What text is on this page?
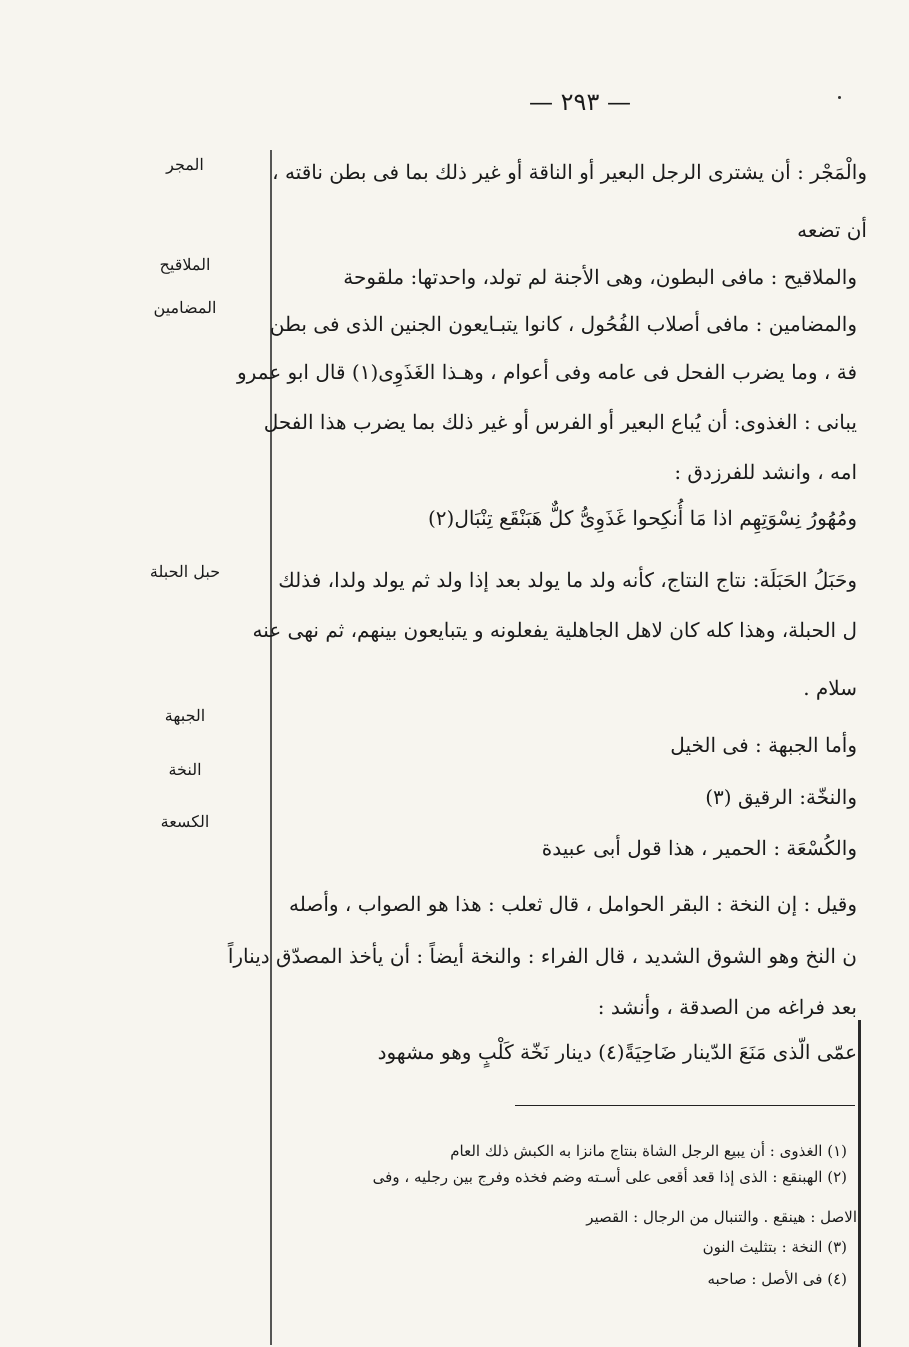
— ٢٩٣ —
المجر
الملاقيح
المضامين
حبل الحبلة
الجبهة
النخة
الكسعة
والْمَجْر : أن يشترى الرجل البعير أو الناقة أو غير ذلك بما فى بطن ناقته ،
أن تضعه
والملاقيح : مافى البطون، وهى الأجنة لم تولد، واحدتها: ملقوحة
والمضامين : مافى أصلاب الفُحُول ، كانوا يتبـايعون الجنين الذى فى بطن
فة ، وما يضرب الفحل فى عامه وفى أعوام ، وهـذا الغَذَوِى(١) قال ابو عمرو
يبانى : الغذوى: أن يُباع البعير أو الفرس أو غير ذلك بما يضرب هذا الفحل
امه ، وانشد للفرزدق :
ومُهُورُ نِسْوَتِهِم اذا مَا أُنكِحوا غَذَوِىُّ كلٌّ هَبَنْقَع تِنْبَال(٢)
وحَبَلُ الحَبَلَة: نتاج النتاج، كأنه ولد ما يولد بعد إذا ولد ثم يولد ولدا، فذلك
ل الحبلة، وهذا كله كان لاهل الجاهلية يفعلونه و يتبايعون بينهم، ثم نهى عنه
سلام .
وأما الجبهة : فى الخيل
والنخّة: الرقيق (٣)
والكُسْعَة : الحمير ، هذا قول أبى عبيدة
وقيل : إن النخة : البقر الحوامل ، قال ثعلب : هذا هو الصواب ، وأصله
ن النخ وهو الشوق الشديد ، قال الفراء : والنخة أيضاً : أن يأخذ المصدّق ديناراً
بعد فراغه من الصدقة ، وأنشد :
عمّى الّذى مَنَعَ الدّينار ضَاحِيَةً(٤) دينار نَخّة كَلْبٍ وهو مشهود
(١) الغذوى : أن يبيع الرجل الشاة بنتاج مانزا به الكبش ذلك العام
(٢) الهبنقع : الذى إذا قعد أقعى على أسـته وضم فخذه وفرج بين رجليه ، وفى
الاصل : هينقع . والتنبال من الرجال : القصير
(٣) النخة : بتثليث النون
(٤) فى الأصل : صاحبه
